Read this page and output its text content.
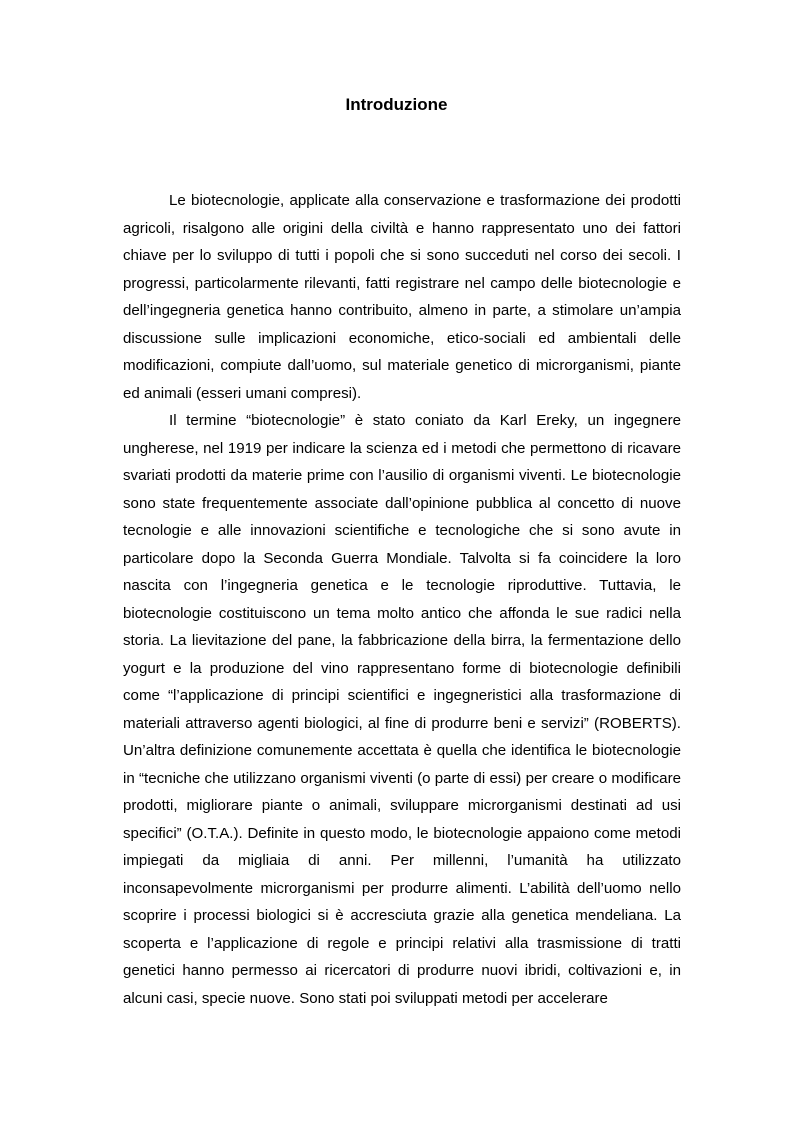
Introduzione

Le biotecnologie, applicate alla conservazione e trasformazione dei prodotti agricoli, risalgono alle origini della civiltà e hanno rappresentato uno dei fattori chiave per lo sviluppo di tutti i popoli che si sono succeduti nel corso dei secoli. I progressi, particolarmente rilevanti, fatti registrare nel campo delle biotecnologie e dell’ingegneria genetica hanno contribuito, almeno in parte, a stimolare un’ampia discussione sulle implicazioni economiche, etico-sociali ed ambientali delle modificazioni, compiute dall’uomo, sul materiale genetico di microrganismi, piante ed animali (esseri umani compresi).

Il termine “biotecnologie” è stato coniato da Karl Ereky, un ingegnere ungherese, nel 1919 per indicare la scienza ed i metodi che permettono di ricavare svariati prodotti da materie prime con l’ausilio di organismi viventi. Le biotecnologie sono state frequentemente associate dall’opinione pubblica al concetto di nuove tecnologie e alle innovazioni scientifiche e tecnologiche che si sono avute in particolare dopo la Seconda Guerra Mondiale. Talvolta si fa coincidere la loro nascita con l’ingegneria genetica e le tecnologie riproduttive. Tuttavia, le biotecnologie costituiscono un tema molto antico che affonda le sue radici nella storia. La lievitazione del pane, la fabbricazione della birra, la fermentazione dello yogurt e la produzione del vino rappresentano forme di biotecnologie definibili come “l’applicazione di principi scientifici e ingegneristici alla trasformazione di materiali attraverso agenti biologici, al fine di produrre beni e servizi” (ROBERTS). Un’altra definizione comunemente accettata è quella che identifica le biotecnologie in “tecniche che utilizzano organismi viventi (o parte di essi) per creare o modificare prodotti, migliorare piante o animali, sviluppare microrganismi destinati ad usi specifici” (O.T.A.). Definite in questo modo, le biotecnologie appaiono come metodi impiegati da migliaia di anni. Per millenni, l’umanità ha utilizzato inconsapevolmente microrganismi per produrre alimenti. L’abilità dell’uomo nello scoprire i processi biologici si è accresciuta grazie alla genetica mendeliana. La scoperta e l’applicazione di regole e principi relativi alla trasmissione di tratti genetici hanno permesso ai ricercatori di produrre nuovi ibridi, coltivazioni e, in alcuni casi, specie nuove. Sono stati poi sviluppati metodi per accelerare
